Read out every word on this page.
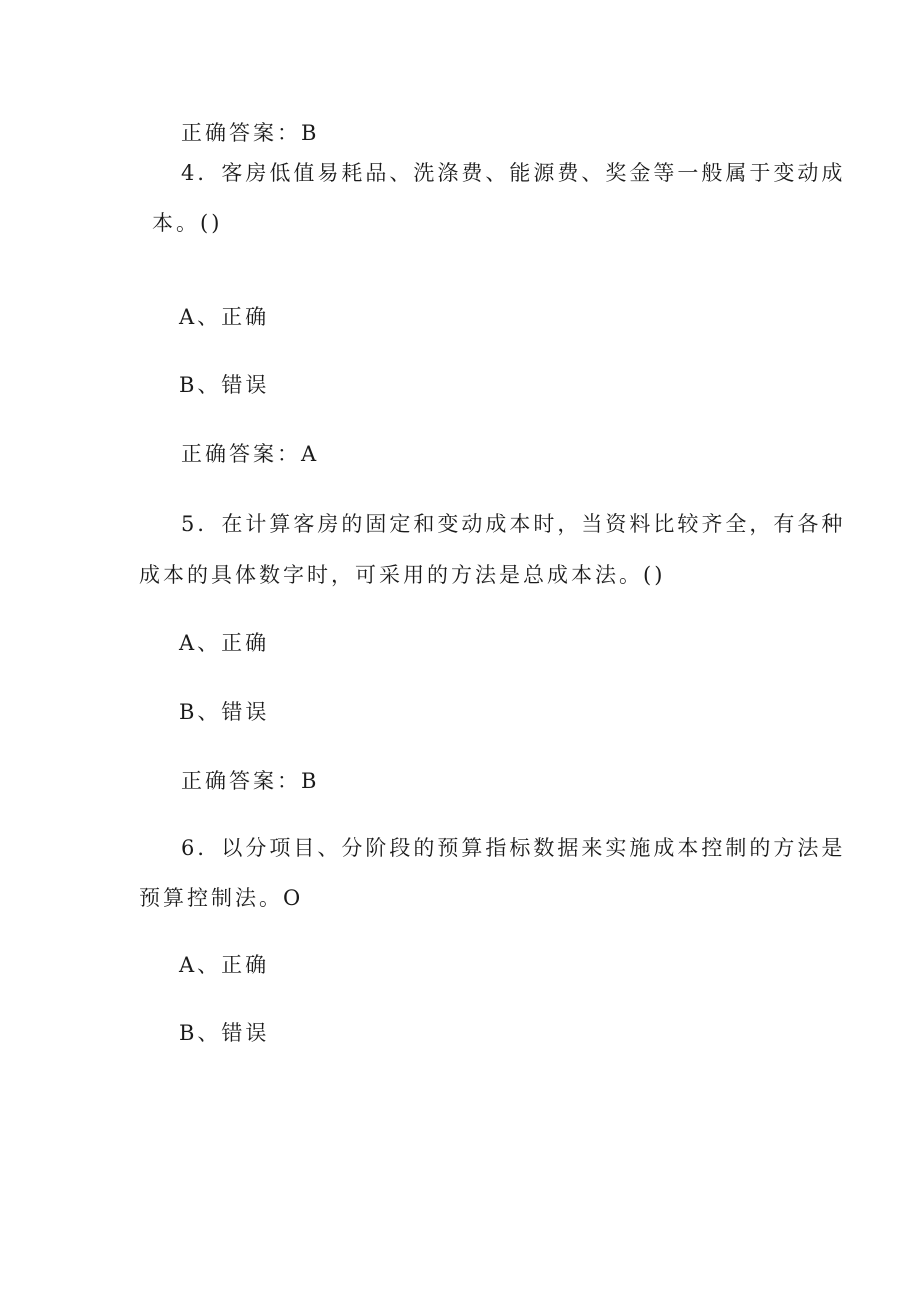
正确答案：B

4．客房低值易耗品、洗涤费、能源费、奖金等一般属于变动成

本。()

A、正确

B、错误

正确答案：A

5．在计算客房的固定和变动成本时，当资料比较齐全，有各种

成本的具体数字时，可采用的方法是总成本法。()

A、正确

B、错误

正确答案：B

6．以分项目、分阶段的预算指标数据来实施成本控制的方法是

预算控制法。O

A、正确

B、错误
